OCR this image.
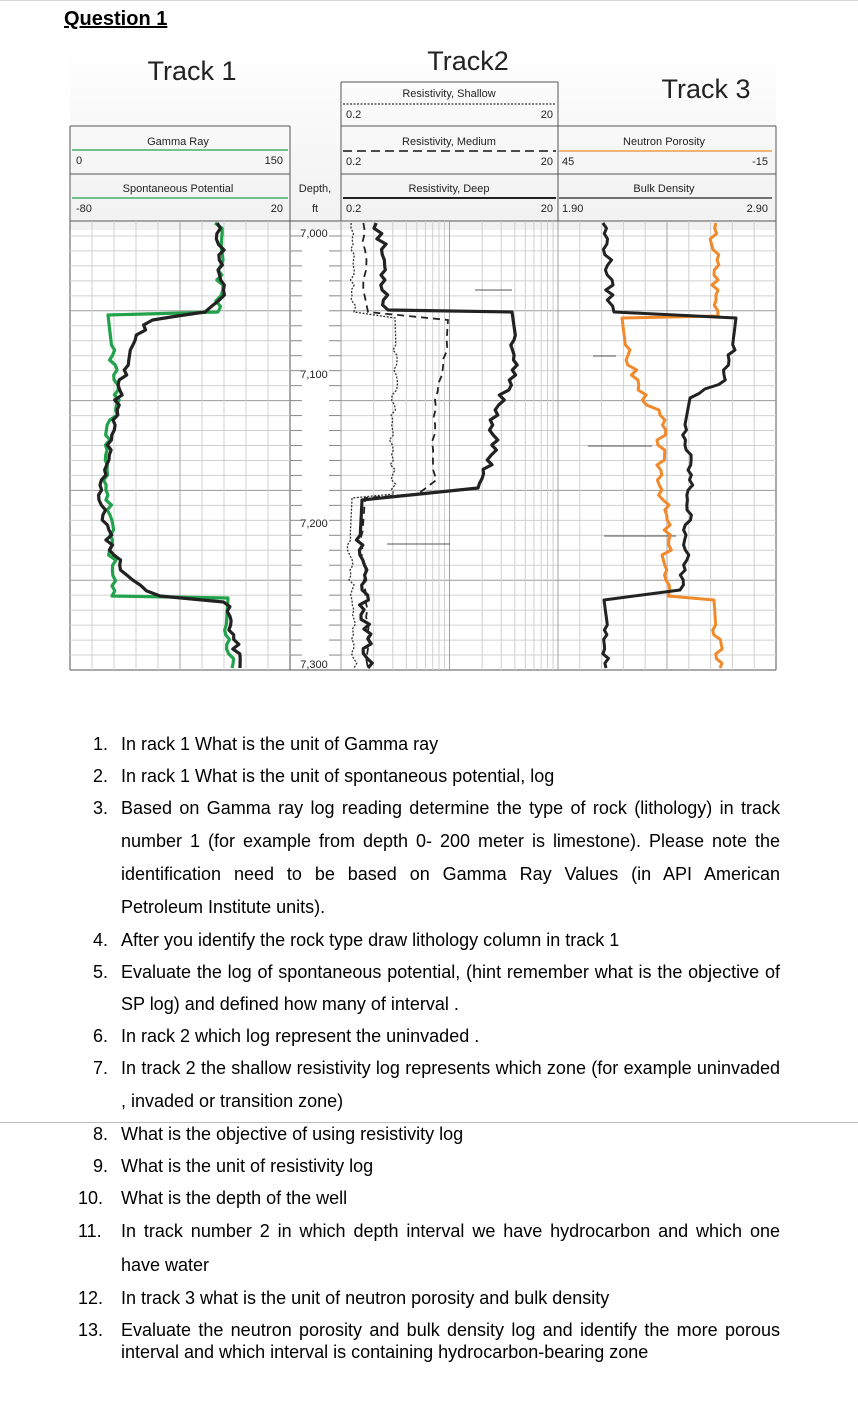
Question 1
Track 1	Track2
Track 3
Resistivity, Shallow
0.2	20
Gamma Ray
0	150
Resistivity, Medium
0.2	20
Neutron Porosity
45	-15
Spontaneous Potential
-80	20
Depth,
ft
Resistivity, Deep
0.2	20
Bulk Density
1.90	2.90
7,000
7,100
7,200
7,300
1. In rack 1 What is the unit of Gamma ray
2. In rack 1 What is the unit of spontaneous potential, log
3. Based on Gamma ray log reading determine the type of rock (lithology) in track number 1 (for example from depth 0- 200 meter is limestone). Please note the identification need to be based on Gamma Ray Values (in API American Petroleum Institute units).
4. After you identify the rock type draw lithology column in track 1
5. Evaluate the log of spontaneous potential, (hint remember what is the objective of SP log) and defined how many of interval .
6. In rack 2 which log represent the uninvaded .
7. In track 2 the shallow resistivity log represents which zone (for example uninvaded , invaded or transition zone)
8. What is the objective of using resistivity log
9. What is the unit of resistivity log
10. What is the depth of the well
11. In track number 2 in which depth interval we have hydrocarbon and which one have water
12. In track 3 what is the unit of neutron porosity and bulk density
13. Evaluate the neutron porosity and bulk density log and identify the more porous interval and which interval is containing hydrocarbon-bearing zone
